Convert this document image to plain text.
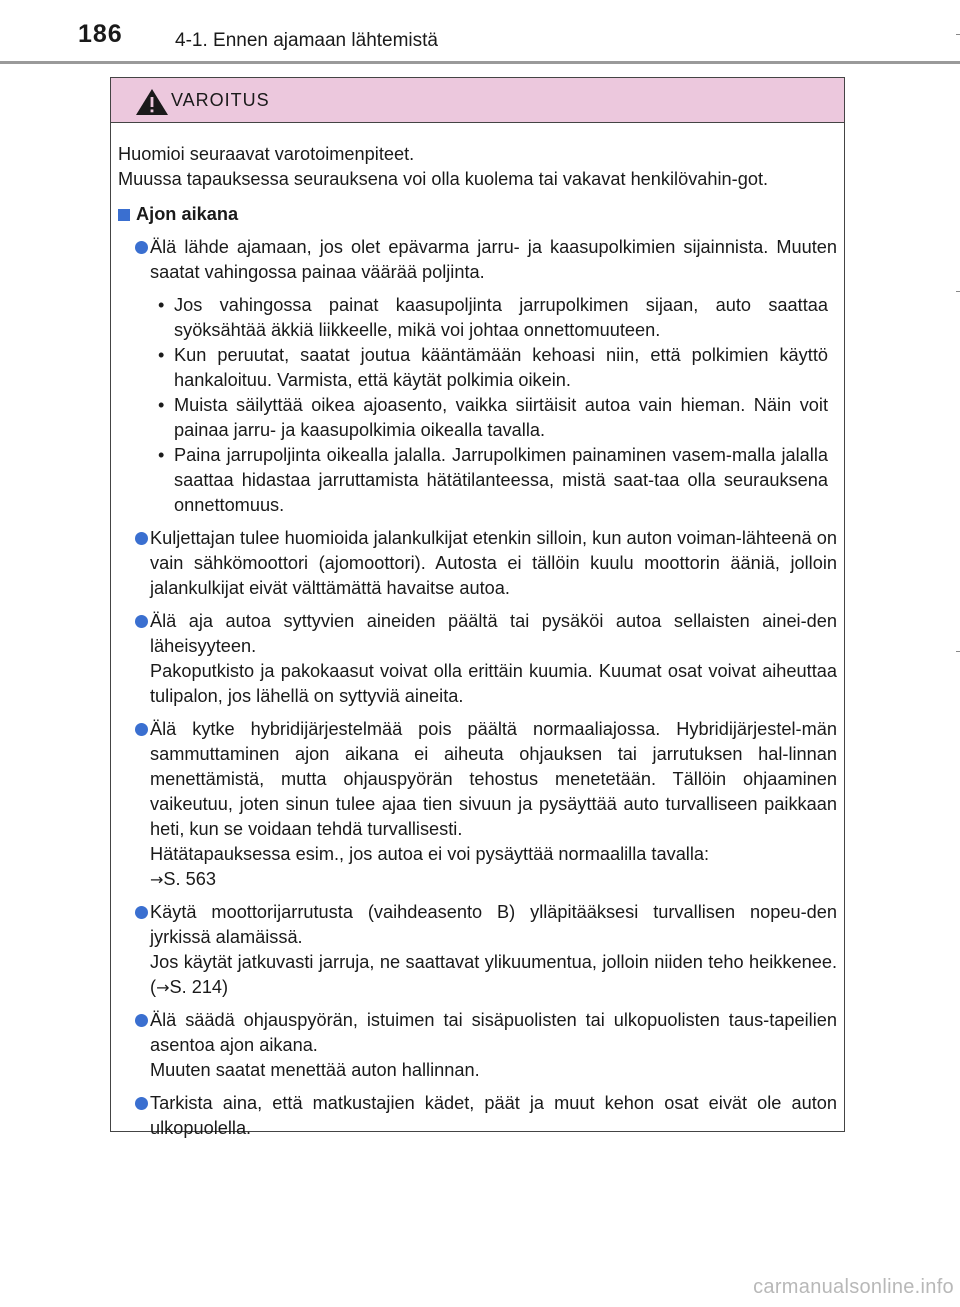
186	4-1. Ennen ajamaan lähtemistä
VAROITUS

Huomioi seuraavat varotoimenpiteet.

Muussa tapauksessa seurauksena voi olla kuolema tai vakavat henkilövahin-got.

Ajon aikana

Älä lähde ajamaan, jos olet epävarma jarru- ja kaasupolkimien sijainnista. Muuten saatat vahingossa painaa väärää poljinta.

• Jos vahingossa painat kaasupoljinta jarrupolkimen sijaan, auto saattaa syöksähtää äkkiä liikkeelle, mikä voi johtaa onnettomuuteen.
• Kun peruutat, saatat joutua kääntämään kehoasi niin, että polkimien käyttö hankaloituu. Varmista, että käytät polkimia oikein.
• Muista säilyttää oikea ajoasento, vaikka siirtäisit autoa vain hieman. Näin voit painaa jarru- ja kaasupolkimia oikealla tavalla.
• Paina jarrupoljinta oikealla jalalla. Jarrupolkimen painaminen vasem-malla jalalla saattaa hidastaa jarruttamista hätätilanteessa, mistä saat-taa olla seurauksena onnettomuus.

Kuljettajan tulee huomioida jalankulkijat etenkin silloin, kun auton voiman-lähteenä on vain sähkömoottori (ajomoottori). Autosta ei tällöin kuulu moottorin ääniä, jolloin jalankulkijat eivät välttämättä havaitse autoa.

Älä aja autoa syttyvien aineiden päältä tai pysäköi autoa sellaisten ainei-den läheisyyteen.

Pakoputkisto ja pakokaasut voivat olla erittäin kuumia. Kuumat osat voivat aiheuttaa tulipalon, jos lähellä on syttyviä aineita.

Älä kytke hybridijärjestelmää pois päältä normaaliajossa. Hybridijärjestel-män sammuttaminen ajon aikana ei aiheuta ohjauksen tai jarrutuksen hal-linnan menettämistä, mutta ohjauspyörän tehostus menetetään. Tällöin ohjaaminen vaikeutuu, joten sinun tulee ajaa tien sivuun ja pysäyttää auto turvalliseen paikkaan heti, kun se voidaan tehdä turvallisesti.

Hätätapauksessa esim., jos autoa ei voi pysäyttää normaalilla tavalla:

→S. 563

Käytä moottorijarrutusta (vaihdeasento B) ylläpitääksesi turvallisen nopeu-den jyrkissä alamäissä.

Jos käytät jatkuvasti jarruja, ne saattavat ylikuumentua, jolloin niiden teho heikkenee. (→S. 214)

Älä säädä ohjauspyörän, istuimen tai sisäpuolisten tai ulkopuolisten taus-tapeilien asentoa ajon aikana.

Muuten saatat menettää auton hallinnan.

Tarkista aina, että matkustajien kädet, päät ja muut kehon osat eivät ole auton ulkopuolella.

carmanualsonline.info
